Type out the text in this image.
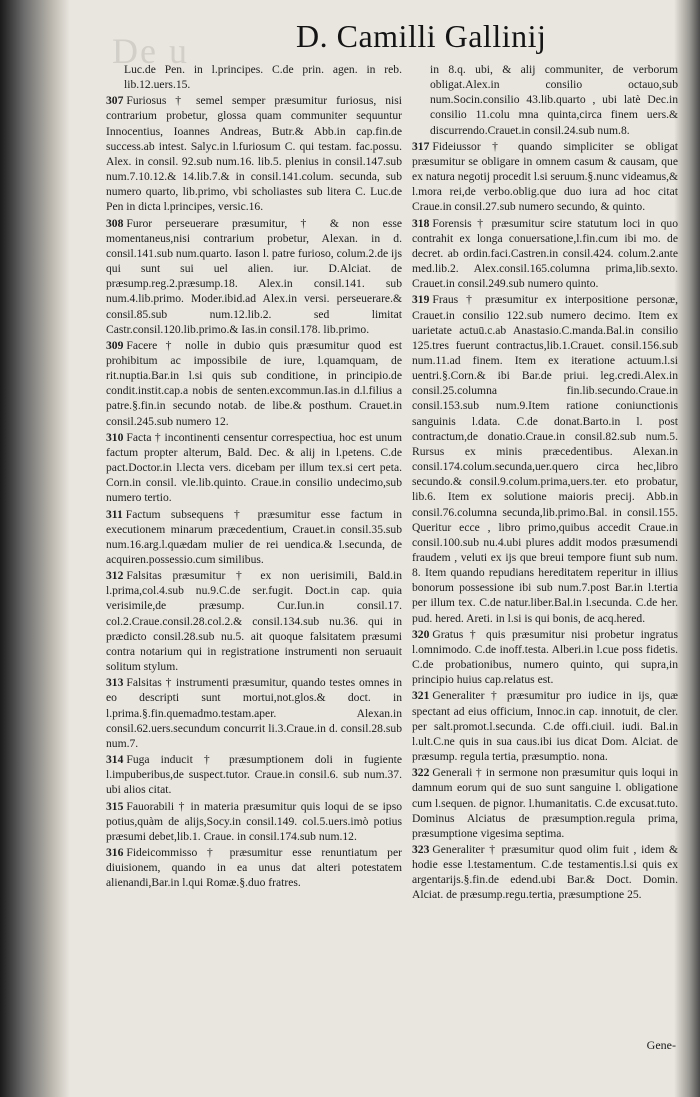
De u	D. Camilli Gallinij
Luc.de Pen. in l.principes. C.de prin. agen. in reb. lib.12.uers.15.
307 Furiosus † semel semper præsumitur furiosus, nisi contrarium probetur, glossa quam communiter sequuntur Innocentius, Ioannes Andreas, Butr.& Abb.in cap.fin.de success.ab intest. Salyc.in l.furiosum C. qui testam. fac.possu. Alex. in consil. 92.sub num.16. lib.5. plenius in consil.147.sub num.7.10.12.& 14.lib.7.& in consil.141.colum. secunda, sub numero quarto, lib.primo, vbi scholiastes sub litera C. Luc.de Pen in dicta l.principes, versic.16.
308 Furor perseuerare præsumitur, † & non esse momentaneus,nisi contrarium probetur, Alexan. in d. consil.141.sub num.quarto. Iason l. patre furioso, colum.2.de ijs qui sunt sui uel alien. iur. D.Alciat. de præsump.reg.2.præsump.18. Alex.in consil.141. sub num.4.lib.primo. Moder.ibid.ad Alex.in versi. perseuerare.& consil.85.sub num.12.lib.2. sed limitat Castr.consil.120.lib.primo.& Ias.in consil.178. lib.primo.
309 Facere † nolle in dubio quis præsumitur quod est prohibitum ac impossibile de iure, l.quamquam, de rit.nuptia.Bar.in l.si quis sub conditione, in principio.de condit.instit.cap.a nobis de senten.excommun.Ias.in d.l.filius a patre.§.fin.in secundo notab. de libe.& posthum. Crauet.in consil.245.sub numero 12.
310 Facta † incontinenti censentur correspectiua, hoc est unum factum propter alterum, Bald. Dec. & alij in l.petens. C.de pact.Doctor.in l.lecta vers. dicebam per illum tex.si cert peta. Corn.in consil. vle.lib.quinto. Craue.in consilio undecimo,sub numero tertio.
311 Factum subsequens † præsumitur esse factum in executionem minarum præcedentium, Crauet.in consil.35.sub num.16.arg.l.quædam mulier de rei uendica.& l.secunda, de acquiren.possessio.cum similibus.
312 Falsitas præsumitur † ex non uerisimili, Bald.in l.prima,col.4.sub nu.9.C.de ser.fugit. Doct.in cap. quia verisimile,de præsump. Cur.Iun.in consil.17. col.2.Craue.consil.28.col.2.& consil.134.sub nu.36. qui in prædicto consil.28.sub nu.5. ait quoque falsitatem præsumi contra notarium qui in registratione instrumenti non seruauit solitum stylum.
313 Falsitas † instrumenti præsumitur, quando testes omnes in eo descripti sunt mortui,not.glos.& doct. in l.prima.§.fin.quemadmo.testam.aper. Alexan.in consil.62.uers.secundum concurrit li.3.Craue.in d. consil.28.sub num.7.
314 Fuga inducit † præsumptionem doli in fugiente l.impuberibus,de suspect.tutor. Craue.in consil.6. sub num.37. ubi alios citat.
315 Fauorabili † in materia præsumitur quis loqui de se ipso potius,quàm de alijs,Socy.in consil.149. col.5.uers.imò potius præsumi debet,lib.1. Craue. in consil.174.sub num.12.
316 Fideicommisso † præsumitur esse renuntiatum per diuisionem, quando in ea unus dat alteri potestatem alienandi,Bar.in l.qui Romæ.§.duo fratres.
in 8.q. ubi, & alij communiter, de verborum obligat.Alex.in consilio octauo,sub num.Socin.consilio 43.lib.quarto , ubi latè Dec.in consilio 11.colu mna quinta,circa finem uers.& discurrendo.Crauet.in consil.24.sub num.8.
317 Fideiussor † quando simpliciter se obligat præsumitur se obligare in omnem casum & causam, que ex natura negotij procedit l.si seruum.§.nunc videamus,& l.mora rei,de verbo.oblig.que duo iura ad hoc citat Craue.in consil.27.sub numero secundo, & quinto.
318 Forensis † præsumitur scire statutum loci in quo contrahit ex longa conuersatione,l.fin.cum ibi mo. de decret. ab ordin.faci.Castren.in consil.424. colum.2.ante med.lib.2. Alex.consil.165.columna prima,lib.sexto. Crauet.in consil.249.sub numero quinto.
319 Fraus † præsumitur ex interpositione personæ, Crauet.in consilio 122.sub numero decimo. Item ex uarietate actuū.c.ab Anastasio.C.manda.Bal.in consilio 125.tres fuerunt contractus,lib.1.Crauet. consil.156.sub num.11.ad finem. Item ex iteratione actuum.l.si uentri.§.Corn.& ibi Bar.de priui. leg.credi.Alex.in consil.25.columna fin.lib.secundo.Craue.in consil.153.sub num.9.Item ratione coniunctionis sanguinis l.data. C.de donat.Barto.in l. post contractum,de donatio.Craue.in consil.82.sub num.5. Rursus ex minis præcedentibus. Alexan.in consil.174.colum.secunda,uer.quero circa hec,libro secundo.& consil.9.colum.prima,uers.ter. eto probatur, lib.6. Item ex solutione maioris precij. Abb.in consil.76.columna secunda,lib.primo.Bal. in consil.155. Queritur ecce , libro primo,quibus accedit Craue.in consil.100.sub nu.4.ubi plures addit modos præsumendi fraudem , veluti ex ijs que breui tempore fiunt sub num. 8. Item quando repudians hereditatem reperitur in illius bonorum possessione ibi sub num.7.post Bar.in l.tertia per illum tex. C.de natur.liber.Bal.in l.secunda. C.de her. pud. hered. Areti. in l.si is qui bonis, de acq.hered.
320 Gratus † quis præsumitur nisi probetur ingratus l.omnimodo. C.de inoff.testa. Alberi.in l.cue poss fidetis. C.de probationibus, numero quinto, qui supra,in principio huius cap.relatus est.
321 Generaliter † præsumitur pro iudice in ijs, quæ spectant ad eius officium, Innoc.in cap. innotuit, de cler. per salt.promot.l.secunda. C.de offi.ciuil. iudi. Bal.in l.ult.C.ne quis in sua caus.ibi ius dicat Dom. Alciat. de præsump. regula tertia, præsumptio. nona.
322 Generali † in sermone non præsumitur quis loqui in damnum eorum qui de suo sunt sanguine l. obligatione cum l.sequen. de pignor. l.humanitatis. C.de excusat.tuto. Dominus Alciatus de præsumption.regula prima, præsumptione vigesima septima.
323 Generaliter † præsumitur quod olim fuit , idem & hodie esse l.testamentum. C.de testamentis.l.si quis ex argentarijs.§.fin.de edend.ubi Bar.& Doct. Domin. Alciat. de præsump.regu.tertia, præsumptione 25.
Gene-
